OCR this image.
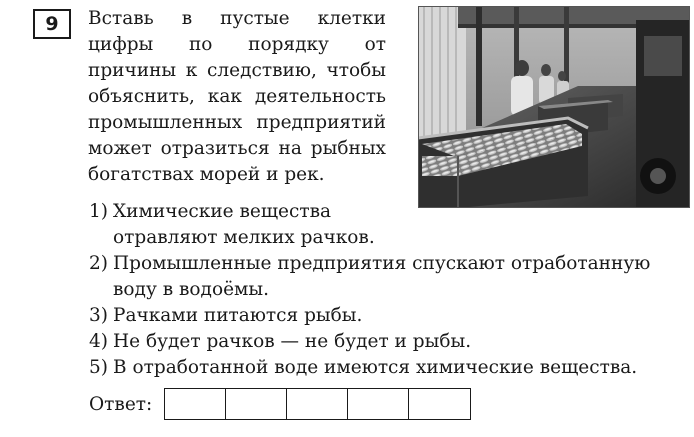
9	Вставь в пустые клетки цифры по порядку от причины к следствию, чтобы объяснить, как деятельность промышленных предприятий может отразиться на рыбных богатствах морей и рек.

1) Химические вещества отравляют мелких рачков.
2) Промышленные предприятия спускают отработанную воду в водоёмы.
3) Рачками питаются рыбы.
4) Не будет рачков — не будет и рыбы.
5) В отработанной воде имеются химические вещества.
Ответ:
